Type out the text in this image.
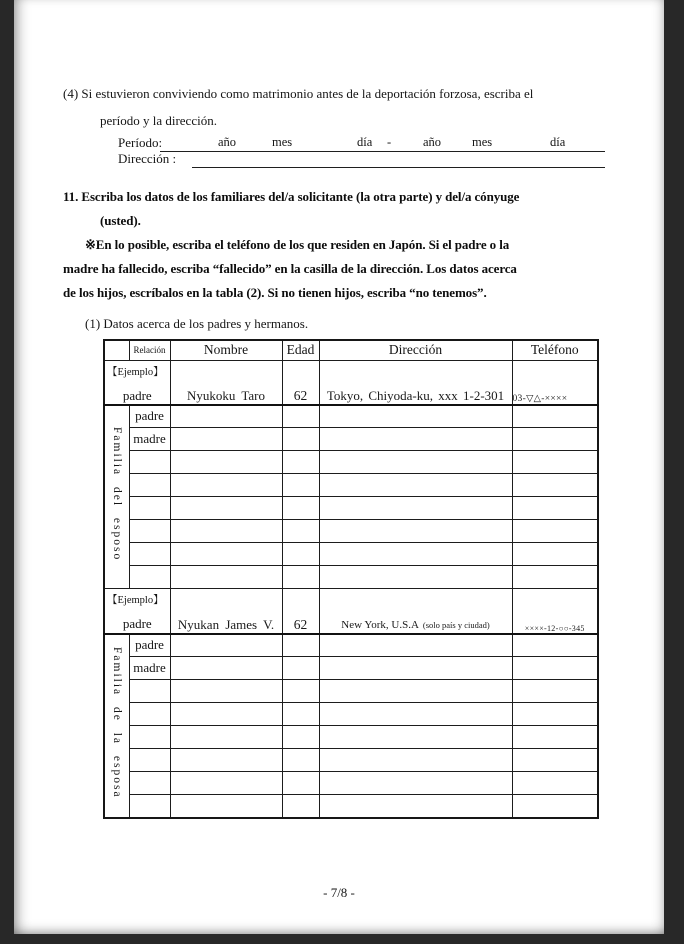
(4) Si estuvieron conviviendo como matrimonio antes de la deportación forzosa, escriba el
período y la dirección.
Período:	año	mes	día -	año mes	día
Dirección :
11. Escriba los datos de los familiares del/a solicitante (la otra parte) y del/a cónyuge
(usted).
※En lo posible, escriba el teléfono de los que residen en Japón. Si el padre o la
madre ha fallecido, escriba “fallecido” en la casilla de la dirección. Los datos acerca
de los hijos, escríbalos en la tabla (2). Si no tienen hijos, escriba “no tenemos”.
(1) Datos acerca de los padres y hermanos.
	Relación	Nombre	Edad	Dirección	Teléfono

【Ejemplo】
padre		Nyukoku Taro	62	Tokyo, Chiyoda-ku, xxx 1-2-301	03-▽△-××××
Familia del esposo	padre				
	madre				

【Ejemplo】
padre		Nyukan James V.	62	New York, U.S.A (solo país y ciudad)	××××-12-○○-345
Familia de la esposa	padre				
	madre				

- 7/8 -
